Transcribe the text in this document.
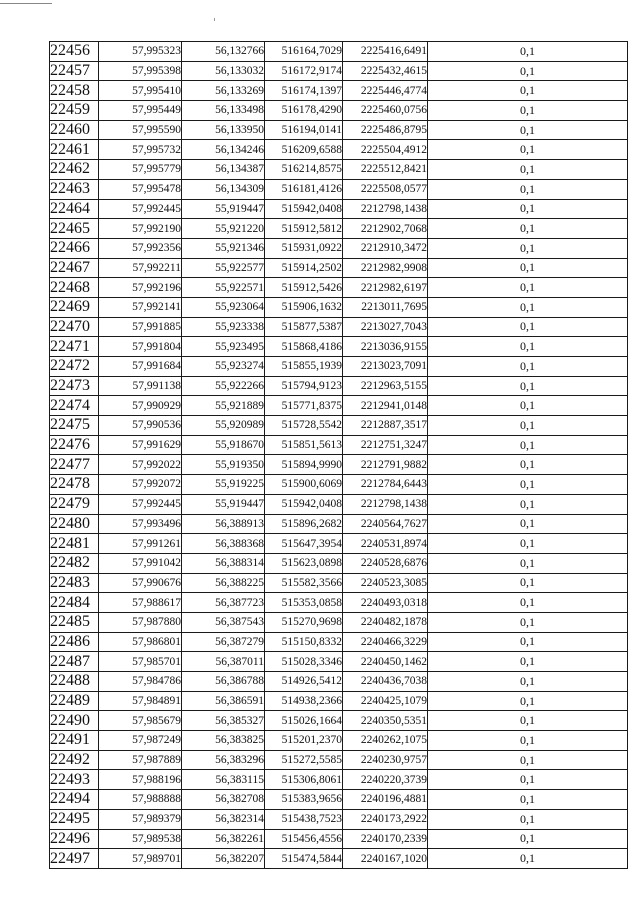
22456	57,995323	56,132766	516164,7029	2225416,6491	0,1
22457	57,995398	56,133032	516172,9174	2225432,4615	0,1
22458	57,995410	56,133269	516174,1397	2225446,4774	0,1
22459	57,995449	56,133498	516178,4290	2225460,0756	0,1
22460	57,995590	56,133950	516194,0141	2225486,8795	0,1
22461	57,995732	56,134246	516209,6588	2225504,4912	0,1
22462	57,995779	56,134387	516214,8575	2225512,8421	0,1
22463	57,995478	56,134309	516181,4126	2225508,0577	0,1
22464	57,992445	55,919447	515942,0408	2212798,1438	0,1
22465	57,992190	55,921220	515912,5812	2212902,7068	0,1
22466	57,992356	55,921346	515931,0922	2212910,3472	0,1
22467	57,992211	55,922577	515914,2502	2212982,9908	0,1
22468	57,992196	55,922571	515912,5426	2212982,6197	0,1
22469	57,992141	55,923064	515906,1632	2213011,7695	0,1
22470	57,991885	55,923338	515877,5387	2213027,7043	0,1
22471	57,991804	55,923495	515868,4186	2213036,9155	0,1
22472	57,991684	55,923274	515855,1939	2213023,7091	0,1
22473	57,991138	55,922266	515794,9123	2212963,5155	0,1
22474	57,990929	55,921889	515771,8375	2212941,0148	0,1
22475	57,990536	55,920989	515728,5542	2212887,3517	0,1
22476	57,991629	55,918670	515851,5613	2212751,3247	0,1
22477	57,992022	55,919350	515894,9990	2212791,9882	0,1
22478	57,992072	55,919225	515900,6069	2212784,6443	0,1
22479	57,992445	55,919447	515942,0408	2212798,1438	0,1
22480	57,993496	56,388913	515896,2682	2240564,7627	0,1
22481	57,991261	56,388368	515647,3954	2240531,8974	0,1
22482	57,991042	56,388314	515623,0898	2240528,6876	0,1
22483	57,990676	56,388225	515582,3566	2240523,3085	0,1
22484	57,988617	56,387723	515353,0858	2240493,0318	0,1
22485	57,987880	56,387543	515270,9698	2240482,1878	0,1
22486	57,986801	56,387279	515150,8332	2240466,3229	0,1
22487	57,985701	56,387011	515028,3346	2240450,1462	0,1
22488	57,984786	56,386788	514926,5412	2240436,7038	0,1
22489	57,984891	56,386591	514938,2366	2240425,1079	0,1
22490	57,985679	56,385327	515026,1664	2240350,5351	0,1
22491	57,987249	56,383825	515201,2370	2240262,1075	0,1
22492	57,987889	56,383296	515272,5585	2240230,9757	0,1
22493	57,988196	56,383115	515306,8061	2240220,3739	0,1
22494	57,988888	56,382708	515383,9656	2240196,4881	0,1
22495	57,989379	56,382314	515438,7523	2240173,2922	0,1
22496	57,989538	56,382261	515456,4556	2240170,2339	0,1
22497	57,989701	56,382207	515474,5844	2240167,1020	0,1
